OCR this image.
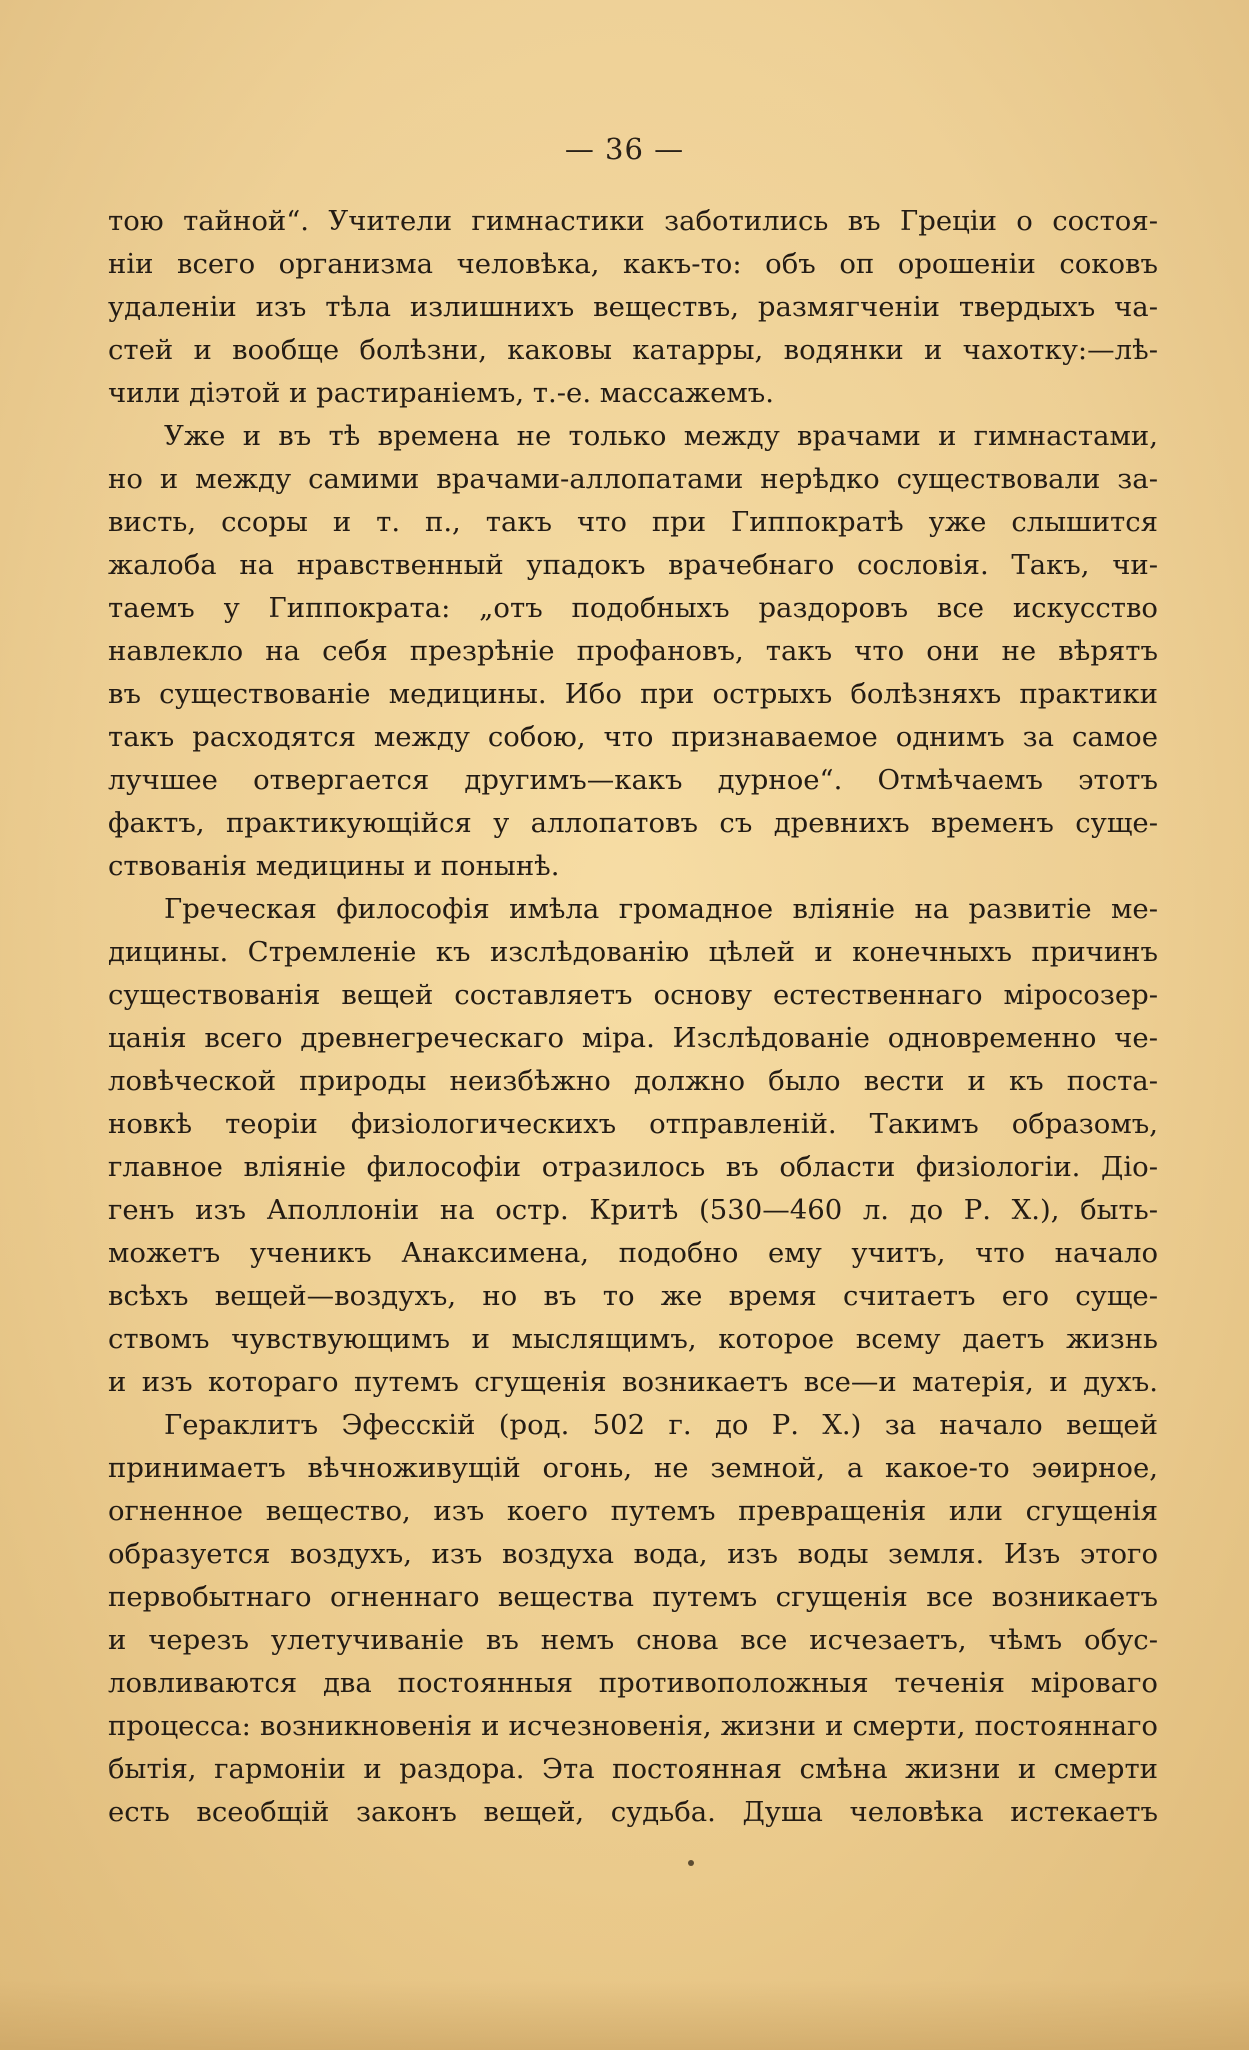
— 36 —
тою тайной“. Учители гимнастики заботились въ Греціи о состоя-
ніи всего организма человѣка, какъ-то: объ оп орошеніи соковъ
удаленіи изъ тѣла излишнихъ веществъ, размягченіи твердыхъ ча-
стей и вообще болѣзни, каковы катарры, водянки и чахотку:—лѣ-
чили діэтой и растираніемъ, т.-е. массажемъ.
Уже и въ тѣ времена не только между врачами и гимнастами,
но и между самими врачами-аллопатами нерѣдко существовали за-
висть, ссоры и т. п., такъ что при Гиппократѣ уже слышится
жалоба на нравственный упадокъ врачебнаго сословія. Такъ, чи-
таемъ у Гиппократа: „отъ подобныхъ раздоровъ все искусство
навлекло на себя презрѣніе профановъ, такъ что они не вѣрятъ
въ существованіе медицины. Ибо при острыхъ болѣзняхъ практики
такъ расходятся между собою, что признаваемое однимъ за самое
лучшее отвергается другимъ—какъ дурное“. Отмѣчаемъ этотъ
фактъ, практикующійся у аллопатовъ съ древнихъ временъ суще-
ствованія медицины и понынѣ.
Греческая философія имѣла громадное вліяніе на развитіе ме-
дицины. Стремленіе къ изслѣдованію цѣлей и конечныхъ причинъ
существованія вещей составляетъ основу естественнаго міросозер-
цанія всего древнегреческаго міра. Изслѣдованіе одновременно че-
ловѣческой природы неизбѣжно должно было вести и къ поста-
новкѣ теоріи физіологическихъ отправленій. Такимъ образомъ,
главное вліяніе философіи отразилось въ области физіологіи. Діо-
генъ изъ Аполлоніи на остр. Критѣ (530—460 л. до Р. Х.), быть-
можетъ ученикъ Анаксимена, подобно ему учитъ, что начало
всѣхъ вещей—воздухъ, но въ то же время считаетъ его суще-
ствомъ чувствующимъ и мыслящимъ, которое всему даетъ жизнь
и изъ котораго путемъ сгущенія возникаетъ все—и матерія, и духъ.
Гераклитъ Эфесскій (род. 502 г. до Р. Х.) за начало вещей
принимаетъ вѣчноживущій огонь, не земной, а какое-то эѳирное,
огненное вещество, изъ коего путемъ превращенія или сгущенія
образуется воздухъ, изъ воздуха вода, изъ воды земля. Изъ этого
первобытнаго огненнаго вещества путемъ сгущенія все возникаетъ
и черезъ улетучиваніе въ немъ снова все исчезаетъ, чѣмъ обус-
ловливаются два постоянныя противоположныя теченія міроваго
процесса: возникновенія и исчезновенія, жизни и смерти, постояннаго
бытія, гармоніи и раздора. Эта постоянная смѣна жизни и смерти
есть всеобщій законъ вещей, судьба. Душа человѣка истекаетъ
